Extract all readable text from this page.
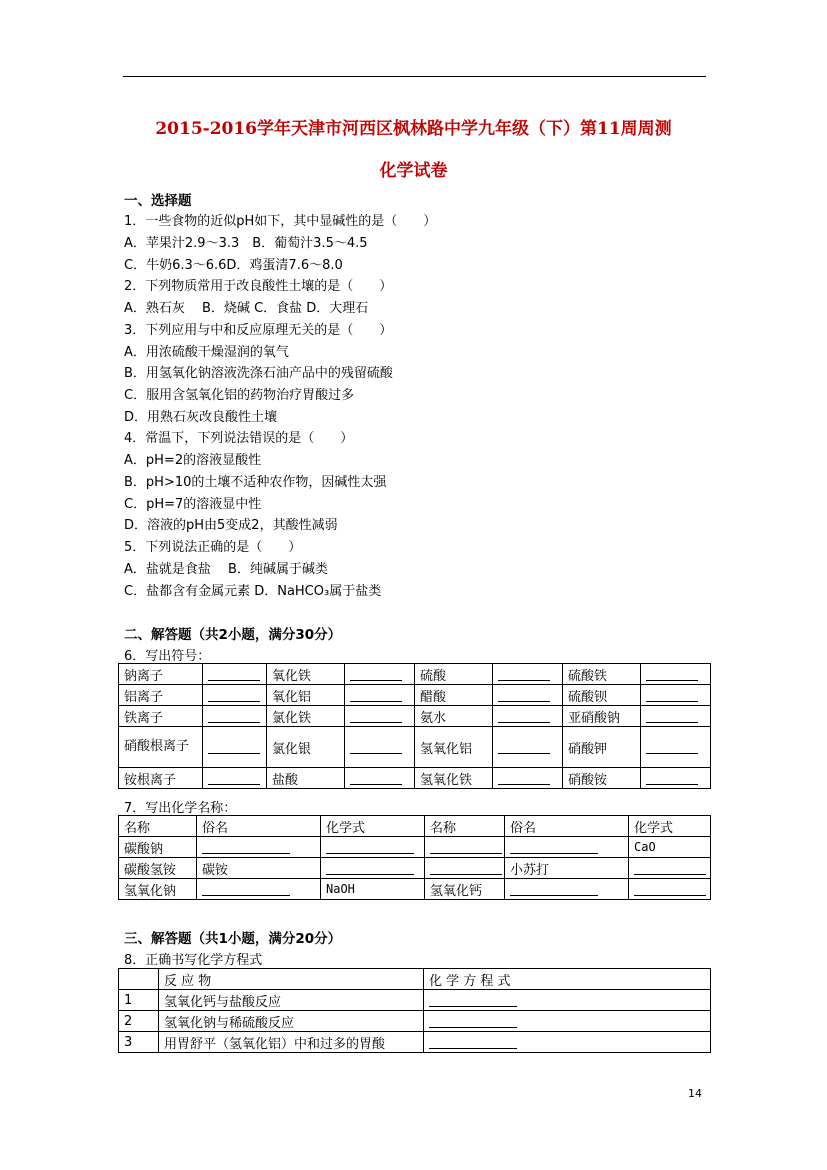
2015-2016学年天津市河西区枫林路中学九年级（下）第11周周测
化学试卷
一、选择题
1．一些食物的近似pH如下，其中显碱性的是（　　）
A．苹果汁2.9～3.3　B．葡萄汁3.5～4.5
C．牛奶6.3～6.6D．鸡蛋清7.6～8.0
2．下列物质常用于改良酸性土壤的是（　　）
A．熟石灰　 B．烧碱 C．食盐 D．大理石
3．下列应用与中和反应原理无关的是（　　）
A．用浓硫酸干燥湿润的氧气
B．用氢氧化钠溶液洗涤石油产品中的残留硫酸
C．服用含氢氧化铝的药物治疗胃酸过多
D．用熟石灰改良酸性土壤
4．常温下，下列说法错误的是（　　）
A．pH=2的溶液显酸性
B．pH>10的土壤不适种农作物，因碱性太强
C．pH=7的溶液显中性
D．溶液的pH由5变成2，其酸性减弱
5．下列说法正确的是（　　）
A．盐就是食盐　 B．纯碱属于碱类
C．盐都含有金属元素 D．NaHCO₃属于盐类
二、解答题（共2小题，满分30分）
6．写出符号：
钠离子		氧化铁		硫酸		硫酸铁	
铝离子		氧化铝		醋酸		硫酸钡	
铁离子		氯化铁		氨水		亚硝酸钠	
硝酸根离子		氯化银		氢氧化铝		硝酸钾	
铵根离子		盐酸		氢氧化铁		硝酸铵	
7．写出化学名称：
名称	俗名	化学式	名称	俗名	化学式
碳酸钠					CaO
碳酸氢铵	碳铵			小苏打	
氢氧化钠		NaOH	氢氧化钙		
三、解答题（共1小题，满分20分）
8．正确书写化学方程式
	反 应 物	化 学 方 程 式
1	氢氧化钙与盐酸反应	
2	氢氧化钠与稀硫酸反应	
3	用胃舒平（氢氧化铝）中和过多的胃酸	
14
